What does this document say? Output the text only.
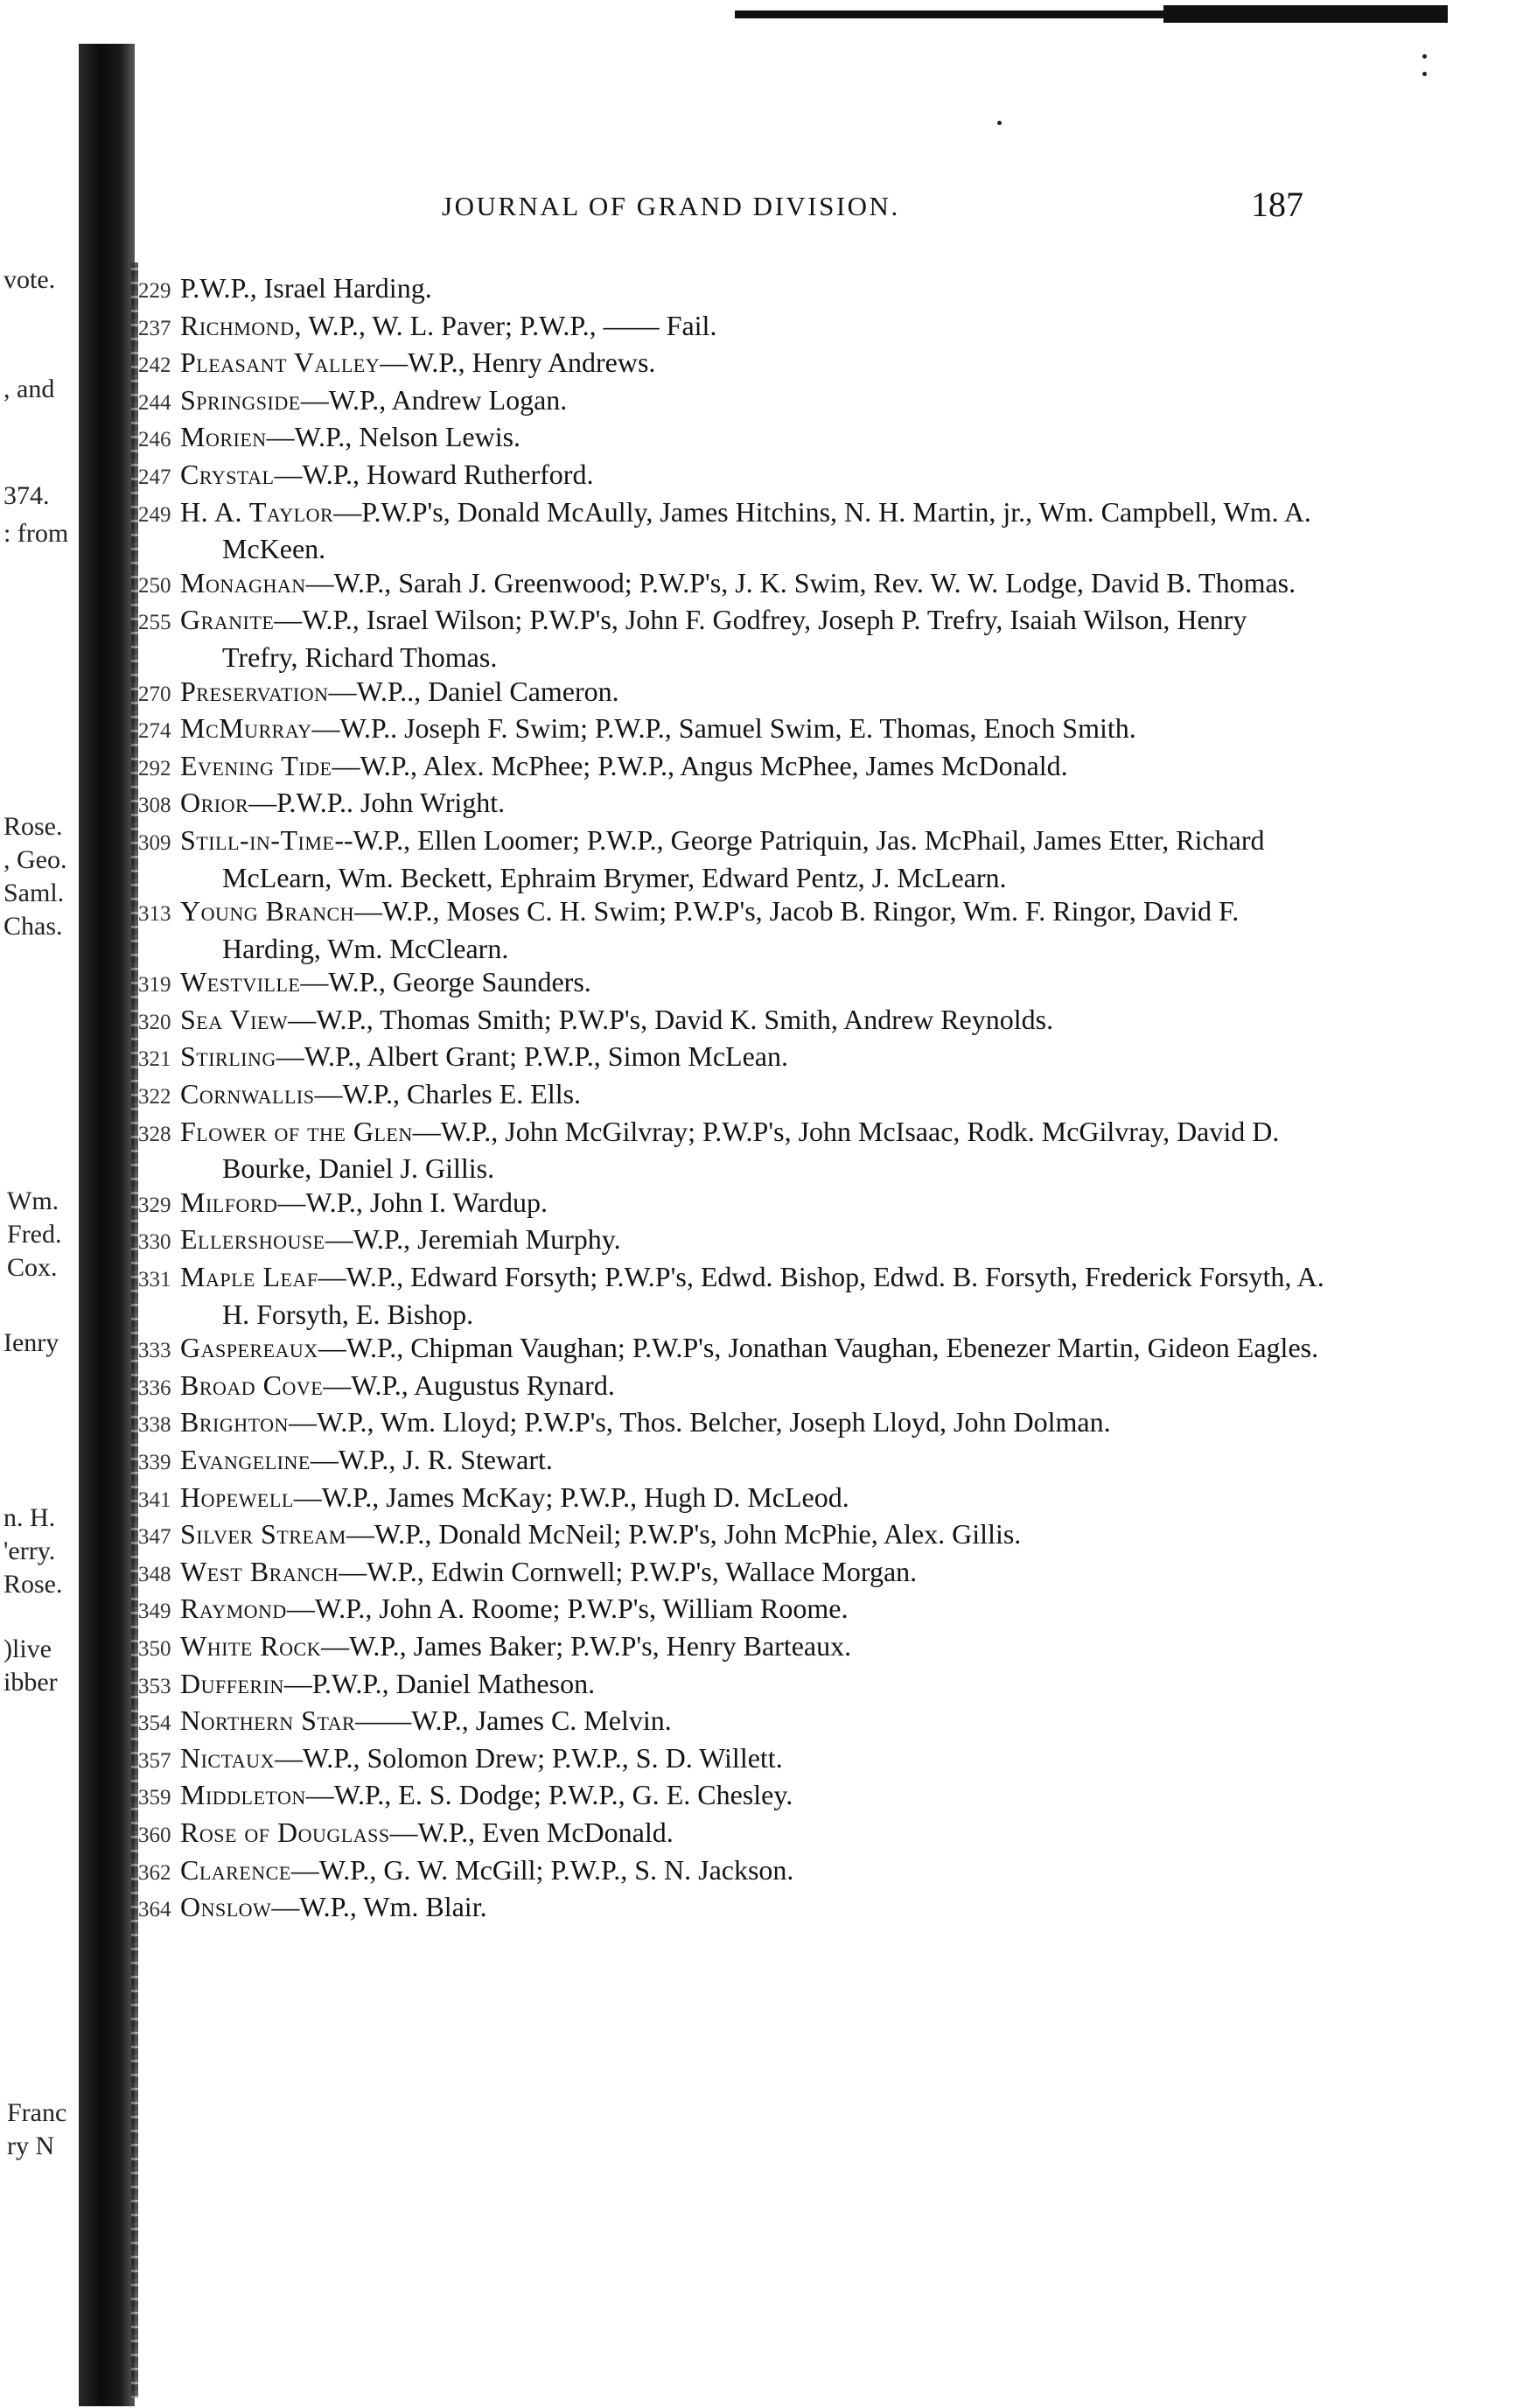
vote.
, and
374.
: from
Rose.
, Geo.
Saml.
Chas.
Wm.
Fred.
Cox.
Ienry
n. H.
'erry.
Rose.
)live
ibber
Franc
ry N
JOURNAL OF GRAND DIVISION.	187
229 P.W.P., Israel Harding.
237 Richmond, W.P., W. L. Paver; P.W.P., —— Fail.
242 Pleasant Valley—W.P., Henry Andrews.
244 Springside—W.P., Andrew Logan.
246 Morien—W.P., Nelson Lewis.
247 Crystal—W.P., Howard Rutherford.
249 H. A. Taylor—P.W.P's, Donald McAully, James Hitchins, N. H. Martin, jr., Wm. Campbell, Wm. A. McKeen.
250 Monaghan—W.P., Sarah J. Greenwood; P.W.P's, J. K. Swim, Rev. W. W. Lodge, David B. Thomas.
255 Granite—W.P., Israel Wilson; P.W.P's, John F. Godfrey, Joseph P. Trefry, Isaiah Wilson, Henry Trefry, Richard Thomas.
270 Preservation—W.P.., Daniel Cameron.
274 McMurray—W.P.. Joseph F. Swim; P.W.P., Samuel Swim, E. Thomas, Enoch Smith.
292 Evening Tide—W.P., Alex. McPhee; P.W.P., Angus McPhee, James McDonald.
308 Orior—P.W.P.. John Wright.
309 Still-in-Time--W.P., Ellen Loomer; P.W.P., George Patriquin, Jas. McPhail, James Etter, Richard McLearn, Wm. Beckett, Ephraim Brymer, Edward Pentz, J. McLearn.
313 Young Branch—W.P., Moses C. H. Swim; P.W.P's, Jacob B. Ringor, Wm. F. Ringor, David F. Harding, Wm. McClearn.
319 Westville—W.P., George Saunders.
320 Sea View—W.P., Thomas Smith; P.W.P's, David K. Smith, Andrew Reynolds.
321 Stirling—W.P., Albert Grant; P.W.P., Simon McLean.
322 Cornwallis—W.P., Charles E. Ells.
328 Flower of the Glen—W.P., John McGilvray; P.W.P's, John McIsaac, Rodk. McGilvray, David D. Bourke, Daniel J. Gillis.
329 Milford—W.P., John I. Wardup.
330 Ellershouse—W.P., Jeremiah Murphy.
331 Maple Leaf—W.P., Edward Forsyth; P.W.P's, Edwd. Bishop, Edwd. B. Forsyth, Frederick Forsyth, A. H. Forsyth, E. Bishop.
333 Gaspereaux—W.P., Chipman Vaughan; P.W.P's, Jonathan Vaughan, Ebenezer Martin, Gideon Eagles.
336 Broad Cove—W.P., Augustus Rynard.
338 Brighton—W.P., Wm. Lloyd; P.W.P's, Thos. Belcher, Joseph Lloyd, John Dolman.
339 Evangeline—W.P., J. R. Stewart.
341 Hopewell—W.P., James McKay; P.W.P., Hugh D. McLeod.
347 Silver Stream—W.P., Donald McNeil; P.W.P's, John McPhie, Alex. Gillis.
348 West Branch—W.P., Edwin Cornwell; P.W.P's, Wallace Morgan.
349 Raymond—W.P., John A. Roome; P.W.P's, William Roome.
350 White Rock—W.P., James Baker; P.W.P's, Henry Barteaux.
353 Dufferin—P.W.P., Daniel Matheson.
354 Northern Star——W.P., James C. Melvin.
357 Nictaux—W.P., Solomon Drew; P.W.P., S. D. Willett.
359 Middleton—W.P., E. S. Dodge; P.W.P., G. E. Chesley.
360 Rose of Douglass—W.P., Even McDonald.
362 Clarence—W.P., G. W. McGill; P.W.P., S. N. Jackson.
364 Onslow—W.P., Wm. Blair.
